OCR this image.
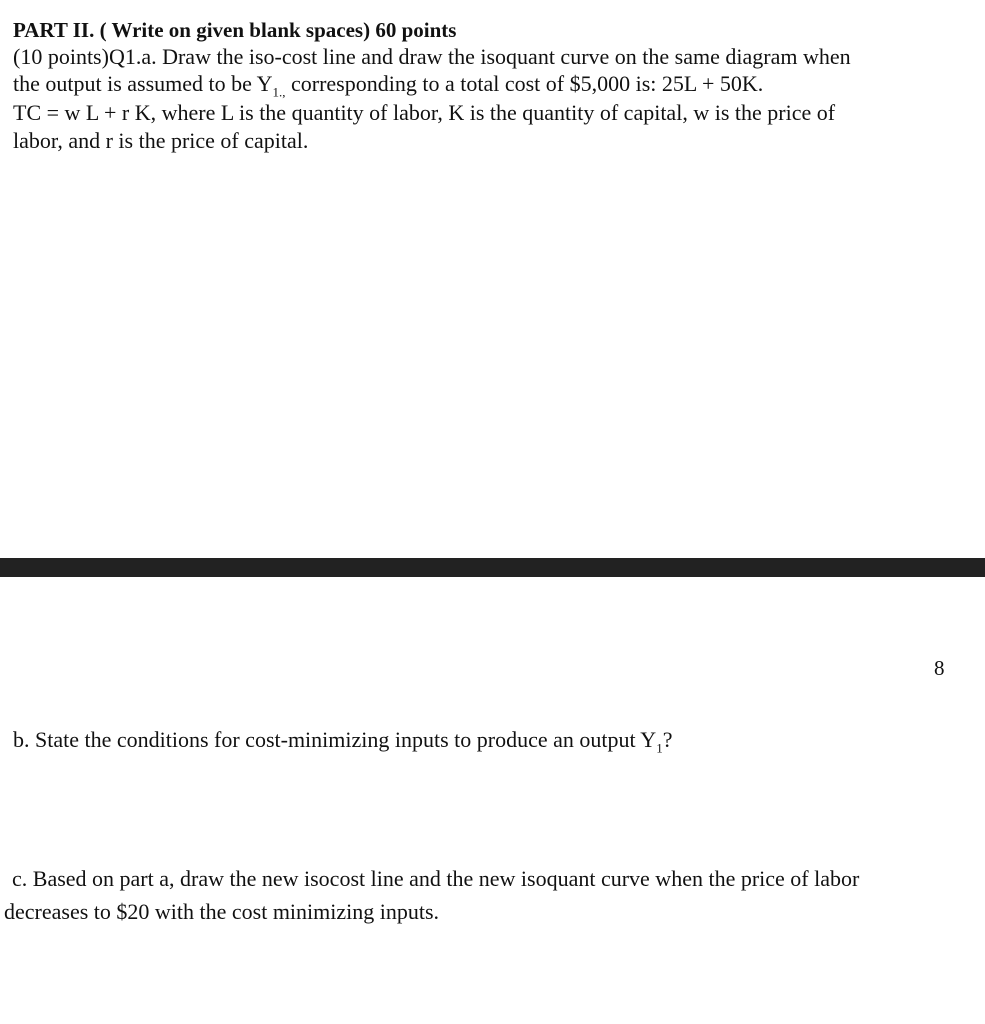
PART II. ( Write on given blank spaces) 60 points
(10 points)Q1.a. Draw the iso-cost line and draw the isoquant curve on the same diagram when
the output is assumed to be $Y_{1.,}$ corresponding to a total cost of $5,000 is: 25L + 50K.
TC = w L + r K, where L is the quantity of labor, K is the quantity of capital, w is the price of
labor, and r is the price of capital.
8
b. State the conditions for cost-minimizing inputs to produce an output $Y_1$?
c. Based on part a, draw the new isocost line and the new isoquant curve when the price of labor
decreases to $20 with the cost minimizing inputs.
